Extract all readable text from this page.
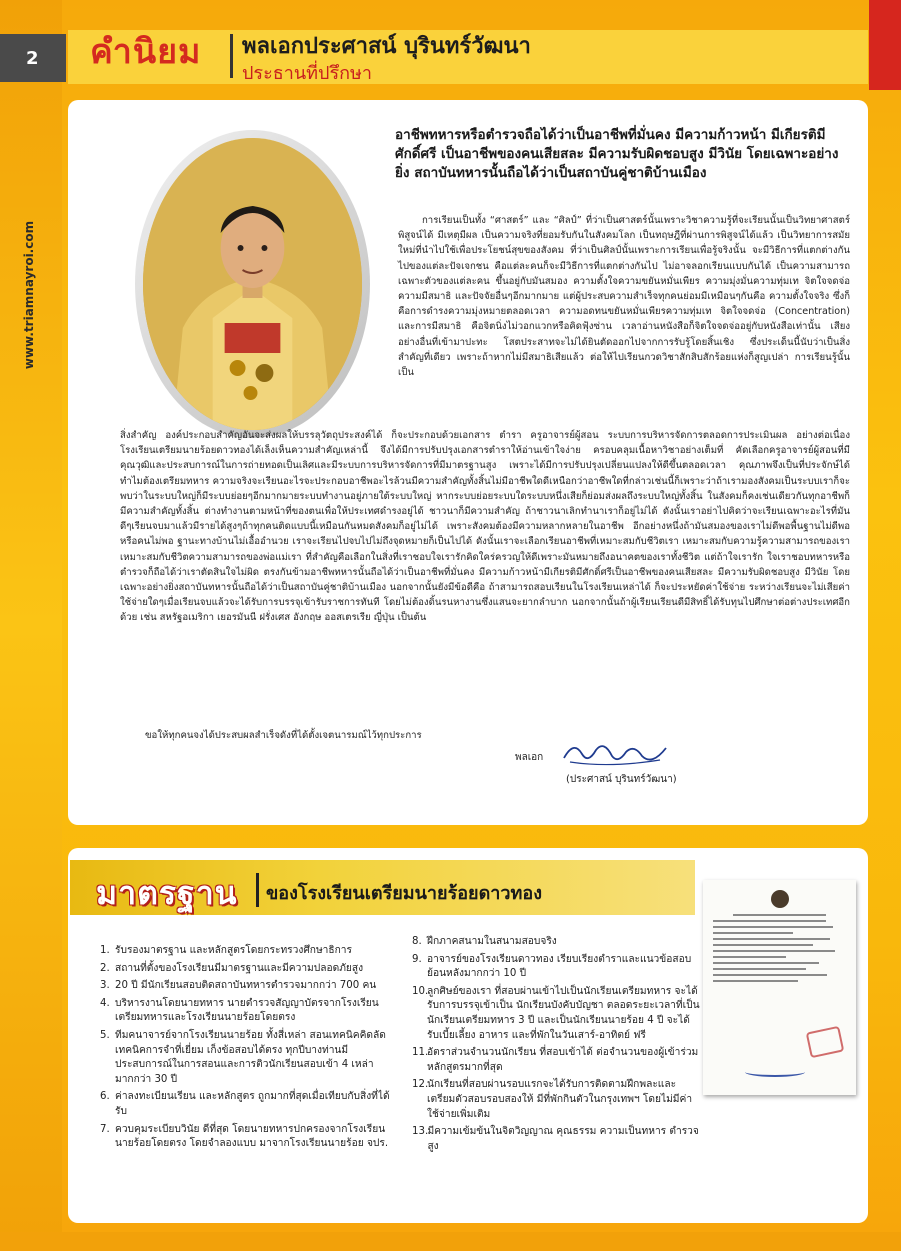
2
www.triamnayroi.com
คำนิยม พลเอกประศาสน์ บุรินทร์วัฒนา
ประธานที่ปรึกษา
อาชีพทหารหรือตำรวจถือได้ว่าเป็นอาชีพที่มั่นคง มีความก้าวหน้า มีเกียรติมีศักดิ์ศรี เป็นอาชีพของคนเสียสละ มีความรับผิดชอบสูง มีวินัย โดยเฉพาะอย่างยิ่ง สถาบันทหารนั้นถือได้ว่าเป็นสถาบันคู่ชาติบ้านเมือง
การเรียนเป็นทั้ง “ศาสตร์” และ “ศิลป์” ที่ว่าเป็นศาสตร์นั้นเพราะวิชาความรู้ที่จะเรียนนั้นเป็นวิทยาศาสตร์ พิสูจน์ได้ มีเหตุมีผล เป็นความจริงที่ยอมรับกันในสังคมโลก เป็นทฤษฎีที่ผ่านการพิสูจน์ได้แล้ว เป็นวิทยาการสมัยใหม่ที่นำไปใช้เพื่อประโยชน์สุขของสังคม ที่ว่าเป็นศิลป์นั้นเพราะการเรียนเพื่อรู้จริงนั้น จะมีวิธีการที่แตกต่างกันไปของแต่ละปัจเจกชน คือแต่ละคนก็จะมีวิธีการที่แตกต่างกันไป ไม่อาจลอกเรียนแบบกันได้ เป็นความสามารถเฉพาะตัวของแต่ละคน ขึ้นอยู่กับมันสมอง ความตั้งใจความขยันหมั่นเพียร ความมุ่งมั่นความทุ่มเท จิตใจจดจ่อ ความมีสมาธิ และปัจจัยอื่นๆอีกมากมาย แต่ผู้ประสบความสำเร็จทุกคนย่อมมีเหมือนๆกันคือ ความตั้งใจจริง ซึ่งก็คือการดำรงความมุ่งหมายตลอดเวลา ความอดทนขยันหมั่นเพียรความทุ่มเท จิตใจจดจ่อ (Concentration) และการมีสมาธิ คือจิตนิ่งไม่วอกแวกหรือคิดฟุ้งซ่าน เวลาอ่านหนังสือก็จิตใจจดจ่ออยู่กับหนังสือเท่านั้น เสียงอย่างอื่นที่เข้ามาปะทะ โสตประสาทจะไม่ได้ยินตัดออกไปจากการรับรู้โดยสิ้นเชิง ซึ่งประเด็นนี้นับว่าเป็นสิ่งสำคัญที่เดียว เพราะถ้าหากไม่มีสมาธิเสียแล้ว ต่อให้ไปเรียนกวดวิชาสักสิบสักร้อยแห่งก็สูญเปล่า การเรียนรู้นั้นเป็น
สิ่งสำคัญ องค์ประกอบสำคัญอันจะส่งผลให้บรรลุวัตถุประสงค์ได้ ก็จะประกอบด้วยเอกสาร ตำรา ครูอาจารย์ผู้สอน ระบบการบริหารจัดการตลอดการประเมินผล อย่างต่อเนื่อง โรงเรียนเตรียมนายร้อยดาวทองได้เล็งเห็นความสำคัญเหล่านี้ จึงได้มีการปรับปรุงเอกสารตำราให้อ่านเข้าใจง่าย ครอบคลุมเนื้อหาวิชาอย่างเต็มที่ คัดเลือกครูอาจารย์ผู้สอนที่มีคุณวุฒิและประสบการณ์ในการถ่ายทอดเป็นเลิศและมีระบบการบริหารจัดการที่มีมาตรฐานสูง เพราะได้มีการปรับปรุงเปลี่ยนแปลงให้ดีขึ้นตลอดเวลา คุณภาพจึงเป็นที่ประจักษ์ได้ ทำไมต้องเตรียมทหาร ความจริงจะเรียนอะไรจะประกอบอาชีพอะไรล้วนมีความสำคัญทั้งสิ้นไม่มีอาชีพใดดีเหนือกว่าอาชีพใดที่กล่าวเช่นนี้ก็เพราะว่าถ้าเรามองสังคมเป็นระบบเราก็จะพบว่าในระบบใหญ่ก็มีระบบย่อยๆอีกมากมายระบบทำงานอยู่ภายใต้ระบบใหญ่ หากระบบย่อยระบบใดระบบหนึ่งเสียก็ย่อมส่งผลถึงระบบใหญ่ทั้งสิ้น ในสังคมก็คงเช่นเดียวกันทุกอาชีพก็มีความสำคัญทั้งสิ้น ต่างทำงานตามหน้าที่ของตนเพื่อให้ประเทศดำรงอยู่ได้ ชาวนาก็มีความสำคัญ ถ้าชาวนาเลิกทำนาเราก็อยู่ไม่ได้ ดังนั้นเราอย่าไปคิดว่าจะเรียนเฉพาะอะไรที่มันดีๆเรียนจบมาแล้วมีรายได้สูงๆถ้าทุกคนติดแบบนี้เหมือนกันหมดสังคมก็อยู่ไม่ได้ เพราะสังคมต้องมีความหลากหลายในอาชีพ อีกอย่างหนึ่งถ้ามันสมองของเราไม่ดีพอพื้นฐานไม่ดีพอ หรือคนไม่พอ ฐานะทางบ้านไม่เอื้ออำนวย เราจะเรียนไปจบไปไม่ถึงจุดหมายก็เป็นไปได้ ดังนั้นเราจะเลือกเรียนอาชีพที่เหมาะสมกับชีวิตเรา เหมาะสมกับความรู้ความสามารถของเรา เหมาะสมกับชีวิตความสามารถของพ่อแม่เรา ที่สำคัญคือเลือกในสิ่งที่เราชอบใจเรารักคิดใคร่ครวญให้ดีเพราะมันหมายถึงอนาคตของเราทั้งชีวิต แต่ถ้าใจเรารัก ใจเราชอบทหารหรือตำรวจก็ถือได้ว่าเราตัดสินใจไม่ผิด ตรงกันข้ามอาชีพทหารนั้นถือได้ว่าเป็นอาชีพที่มั่นคง มีความก้าวหน้ามีเกียรติมีศักดิ์ศรีเป็นอาชีพของคนเสียสละ มีความรับผิดชอบสูง มีวินัย โดยเฉพาะอย่างยิ่งสถาบันทหารนั้นถือได้ว่าเป็นสถาบันคู่ชาติบ้านเมือง นอกจากนั้นยังมีข้อดีคือ ถ้าสามารถสอบเรียนในโรงเรียนเหล่าได้ ก็จะประหยัดค่าใช้จ่าย ระหว่างเรียนจะไม่เสียค่าใช้จ่ายใดๆเมื่อเรียนจบแล้วจะได้รับการบรรจุเข้ารับราชการทันที โดยไม่ต้องดิ้นรนหางานซึ่งแสนจะยากลำบาก นอกจากนั้นถ้าผู้เรียนเรียนดีมีสิทธิ์ได้รับทุนไปศึกษาต่อต่างประเทศอีกด้วย เช่น สหรัฐอเมริกา เยอรมันนี ฝรั่งเศส อังกฤษ ออสเตรเรีย ญี่ปุ่น เป็นต้น
ขอให้ทุกคนจงได้ประสบผลสำเร็จดังที่ได้ตั้งเจตนารมณ์ไว้ทุกประการ
พลเอก
(ประศาสน์ บุรินทร์วัฒนา)
มาตรฐาน ของโรงเรียนเตรียมนายร้อยดาวทอง
1. รับรองมาตรฐาน และหลักสูตรโดยกระทรวงศึกษาธิการ
2. สถานที่ตั้งของโรงเรียนมีมาตรฐานและมีความปลอดภัยสูง
3. 20 ปี มีนักเรียนสอบติดสถาบันทหารตำรวจมากกว่า 700 คน
4. บริหารงานโดยนายทหาร นายตำรวจสัญญาบัตรจากโรงเรียนเตรียมทหารและโรงเรียนนายร้อยโดยตรง
5. ทีมคนาจารย์จากโรงเรียนนายร้อย ทั้งสี่เหล่า สอนเทคนิคคิดลัดเทคนิคการจำที่เยี่ยม เก็งข้อสอบได้ตรง ทุกปีบางท่านมีประสบการณ์ในการสอนและการติวนักเรียนสอบเข้า 4 เหล่ามากกว่า 30 ปี
6. ค่าลงทะเบียนเรียน และหลักสูตร ถูกมากที่สุดเมื่อเทียบกับสิ่งที่ได้รับ
7. ควบคุมระเบียบวินัย ดีที่สุด โดยนายทหารปกครองจากโรงเรียนนายร้อยโดยตรง โดยจำลองแบบ มาจากโรงเรียนนายร้อย จปร.
8. ฝึกภาคสนามในสนามสอบจริง
9. อาจารย์ของโรงเรียนดาวทอง เรียบเรียงตำราและแนวข้อสอบย้อนหลังมากกว่า 10 ปี
10.
ลูกศิษย์ของเรา ที่สอบผ่านเข้าไปเป็นนักเรียนเตรียมทหาร จะได้รับการบรรจุเข้าเป็น นักเรียนบังคับบัญชา ตลอดระยะเวลาที่เป็นนักเรียนเตรียมทหาร 3 ปี และเป็นนักเรียนนายร้อย 4 ปี จะได้รับเบี้ยเลี้ยง อาหาร และที่พักในวันเสาร์-อาทิตย์ ฟรี
11.
อัตราส่วนจำนวนนักเรียน ที่สอบเข้าได้ ต่อจำนวนของผู้เข้าร่วมหลักสูตรมากที่สุด
12.
นักเรียนที่สอบผ่านรอบแรกจะได้รับการติดตามฝึกพละและเตรียมตัวสอบรอบสองให้ มีที่พักกินตัวในกรุงเทพฯ โดยไม่มีค่าใช้จ่ายเพิ่มเติม
13. มีความเข้มข้นในจิตวิญญาณ คุณธรรม ความเป็นทหาร ตำรวจ สูง
